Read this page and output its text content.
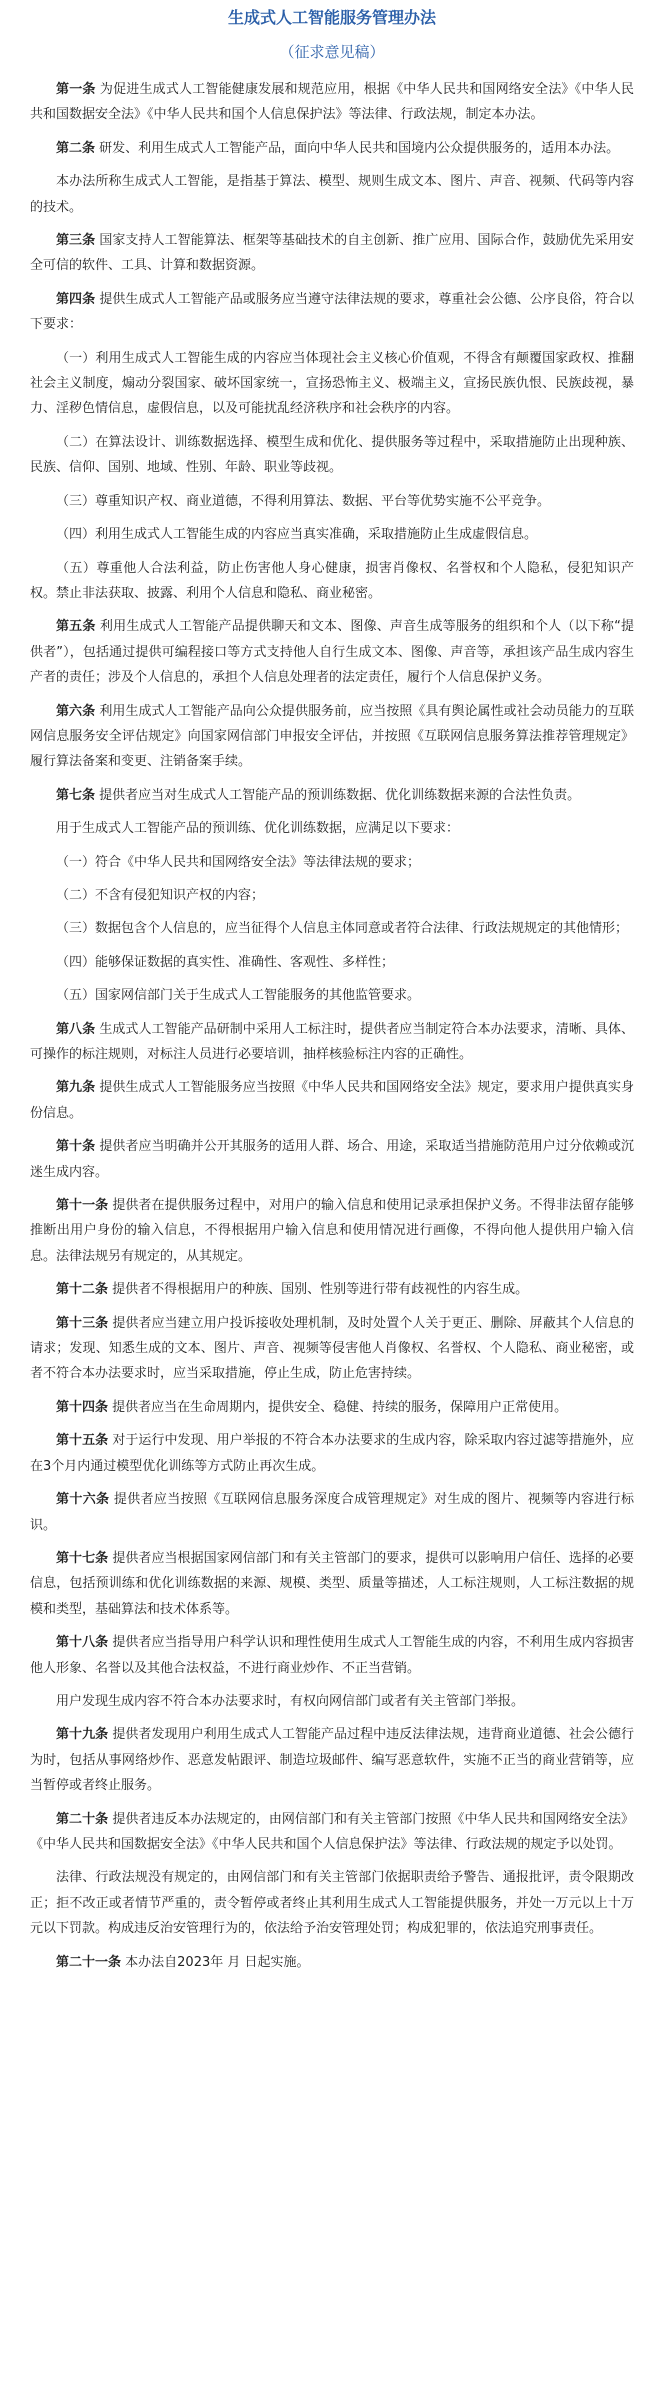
生成式人工智能服务管理办法
（征求意见稿）

第一条 为促进生成式人工智能健康发展和规范应用，根据《中华人民共和国网络安全法》《中华人民共和国数据安全法》《中华人民共和国个人信息保护法》等法律、行政法规，制定本办法。

第二条 研发、利用生成式人工智能产品，面向中华人民共和国境内公众提供服务的，适用本办法。

本办法所称生成式人工智能，是指基于算法、模型、规则生成文本、图片、声音、视频、代码等内容的技术。

第三条 国家支持人工智能算法、框架等基础技术的自主创新、推广应用、国际合作，鼓励优先采用安全可信的软件、工具、计算和数据资源。

第四条 提供生成式人工智能产品或服务应当遵守法律法规的要求，尊重社会公德、公序良俗，符合以下要求：

（一）利用生成式人工智能生成的内容应当体现社会主义核心价值观，不得含有颠覆国家政权、推翻社会主义制度，煽动分裂国家、破坏国家统一，宣扬恐怖主义、极端主义，宣扬民族仇恨、民族歧视，暴力、淫秽色情信息，虚假信息，以及可能扰乱经济秩序和社会秩序的内容。

（二）在算法设计、训练数据选择、模型生成和优化、提供服务等过程中，采取措施防止出现种族、民族、信仰、国别、地域、性别、年龄、职业等歧视。

（三）尊重知识产权、商业道德，不得利用算法、数据、平台等优势实施不公平竞争。

（四）利用生成式人工智能生成的内容应当真实准确，采取措施防止生成虚假信息。

（五）尊重他人合法利益，防止伤害他人身心健康，损害肖像权、名誉权和个人隐私，侵犯知识产权。禁止非法获取、披露、利用个人信息和隐私、商业秘密。

第五条 利用生成式人工智能产品提供聊天和文本、图像、声音生成等服务的组织和个人（以下称“提供者”），包括通过提供可编程接口等方式支持他人自行生成文本、图像、声音等，承担该产品生成内容生产者的责任；涉及个人信息的，承担个人信息处理者的法定责任，履行个人信息保护义务。

第六条 利用生成式人工智能产品向公众提供服务前，应当按照《具有舆论属性或社会动员能力的互联网信息服务安全评估规定》向国家网信部门申报安全评估，并按照《互联网信息服务算法推荐管理规定》履行算法备案和变更、注销备案手续。

第七条 提供者应当对生成式人工智能产品的预训练数据、优化训练数据来源的合法性负责。

用于生成式人工智能产品的预训练、优化训练数据，应满足以下要求：

（一）符合《中华人民共和国网络安全法》等法律法规的要求；

（二）不含有侵犯知识产权的内容；

（三）数据包含个人信息的，应当征得个人信息主体同意或者符合法律、行政法规规定的其他情形；

（四）能够保证数据的真实性、准确性、客观性、多样性；

（五）国家网信部门关于生成式人工智能服务的其他监管要求。

第八条 生成式人工智能产品研制中采用人工标注时，提供者应当制定符合本办法要求，清晰、具体、可操作的标注规则，对标注人员进行必要培训，抽样核验标注内容的正确性。

第九条 提供生成式人工智能服务应当按照《中华人民共和国网络安全法》规定，要求用户提供真实身份信息。

第十条 提供者应当明确并公开其服务的适用人群、场合、用途，采取适当措施防范用户过分依赖或沉迷生成内容。

第十一条 提供者在提供服务过程中，对用户的输入信息和使用记录承担保护义务。不得非法留存能够推断出用户身份的输入信息，不得根据用户输入信息和使用情况进行画像，不得向他人提供用户输入信息。法律法规另有规定的，从其规定。

第十二条 提供者不得根据用户的种族、国别、性别等进行带有歧视性的内容生成。

第十三条 提供者应当建立用户投诉接收处理机制，及时处置个人关于更正、删除、屏蔽其个人信息的请求；发现、知悉生成的文本、图片、声音、视频等侵害他人肖像权、名誉权、个人隐私、商业秘密，或者不符合本办法要求时，应当采取措施，停止生成，防止危害持续。

第十四条 提供者应当在生命周期内，提供安全、稳健、持续的服务，保障用户正常使用。

第十五条 对于运行中发现、用户举报的不符合本办法要求的生成内容，除采取内容过滤等措施外，应在3个月内通过模型优化训练等方式防止再次生成。

第十六条 提供者应当按照《互联网信息服务深度合成管理规定》对生成的图片、视频等内容进行标识。

第十七条 提供者应当根据国家网信部门和有关主管部门的要求，提供可以影响用户信任、选择的必要信息，包括预训练和优化训练数据的来源、规模、类型、质量等描述，人工标注规则，人工标注数据的规模和类型，基础算法和技术体系等。

第十八条 提供者应当指导用户科学认识和理性使用生成式人工智能生成的内容，不利用生成内容损害他人形象、名誉以及其他合法权益，不进行商业炒作、不正当营销。

用户发现生成内容不符合本办法要求时，有权向网信部门或者有关主管部门举报。

第十九条 提供者发现用户利用生成式人工智能产品过程中违反法律法规，违背商业道德、社会公德行为时，包括从事网络炒作、恶意发帖跟评、制造垃圾邮件、编写恶意软件，实施不正当的商业营销等，应当暂停或者终止服务。

第二十条 提供者违反本办法规定的，由网信部门和有关主管部门按照《中华人民共和国网络安全法》《中华人民共和国数据安全法》《中华人民共和国个人信息保护法》等法律、行政法规的规定予以处罚。

法律、行政法规没有规定的，由网信部门和有关主管部门依据职责给予警告、通报批评，责令限期改正；拒不改正或者情节严重的，责令暂停或者终止其利用生成式人工智能提供服务，并处一万元以上十万元以下罚款。构成违反治安管理行为的，依法给予治安管理处罚；构成犯罪的，依法追究刑事责任。

第二十一条 本办法自2023年 月 日起实施。
